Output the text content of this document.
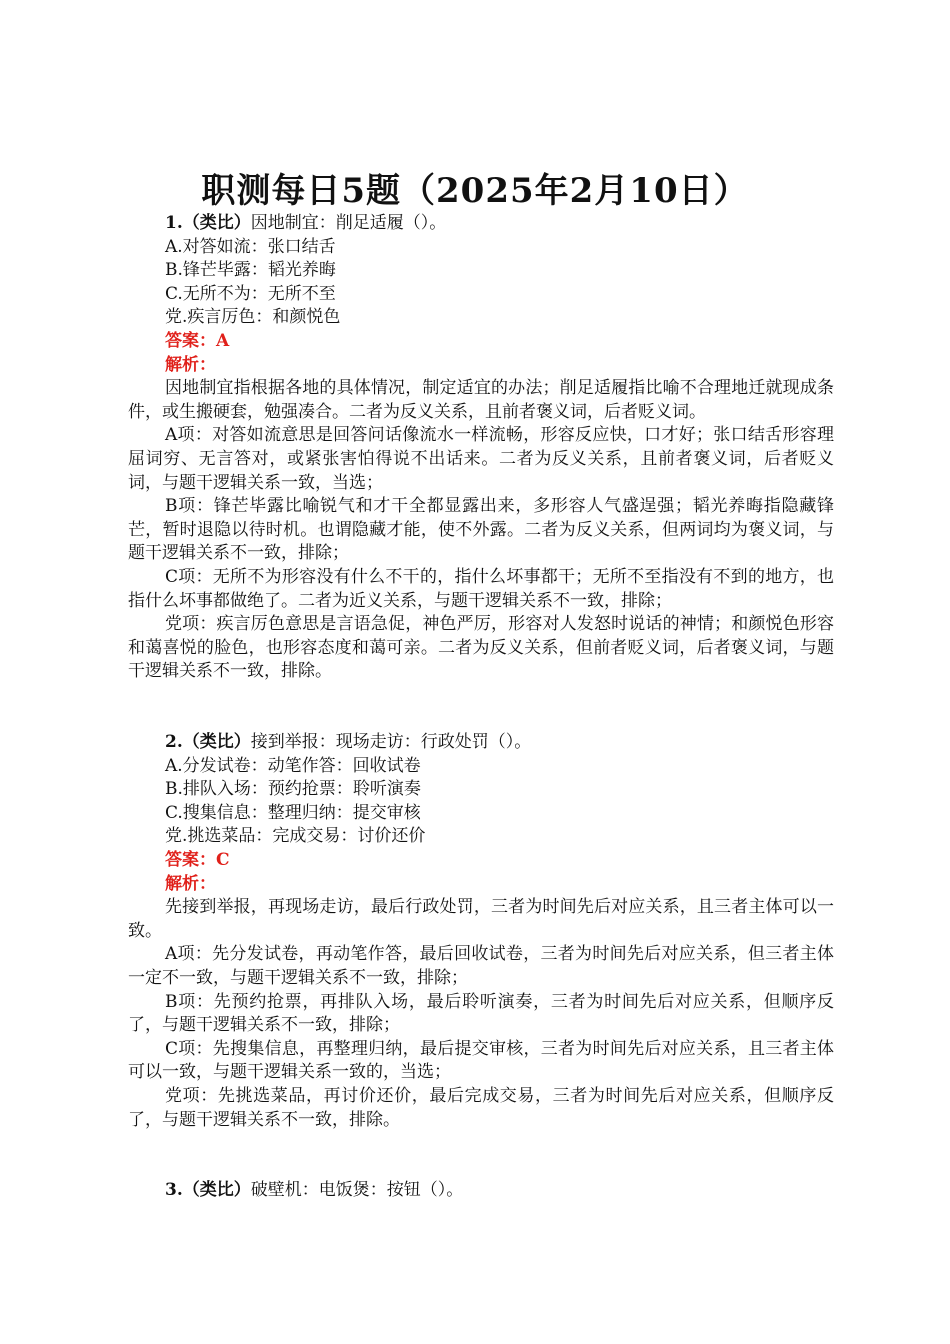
职测每日5题（2025年2月10日）
1.（类比）因地制宜：削足适履（）。
A.对答如流：张口结舌
B.锋芒毕露：韬光养晦
C.无所不为：无所不至
党.疾言厉色：和颜悦色
答案：A
解析：
因地制宜指根据各地的具体情况，制定适宜的办法；削足适履指比喻不合理地迁就现成条件，或生搬硬套，勉强凑合。二者为反义关系，且前者褒义词，后者贬义词。
A项：对答如流意思是回答问话像流水一样流畅，形容反应快，口才好；张口结舌形容理屈词穷、无言答对，或紧张害怕得说不出话来。二者为反义关系，且前者褒义词，后者贬义词，与题干逻辑关系一致，当选；
B项：锋芒毕露比喻锐气和才干全都显露出来，多形容人气盛逞强；韬光养晦指隐藏锋芒，暂时退隐以待时机。也谓隐藏才能，使不外露。二者为反义关系，但两词均为褒义词，与题干逻辑关系不一致，排除；
C项：无所不为形容没有什么不干的，指什么坏事都干；无所不至指没有不到的地方，也指什么坏事都做绝了。二者为近义关系，与题干逻辑关系不一致，排除；
党项：疾言厉色意思是言语急促，神色严厉，形容对人发怒时说话的神情；和颜悦色形容和蔼喜悦的脸色，也形容态度和蔼可亲。二者为反义关系，但前者贬义词，后者褒义词，与题干逻辑关系不一致，排除。
2.（类比）接到举报：现场走访：行政处罚（）。
A.分发试卷：动笔作答：回收试卷
B.排队入场：预约抢票：聆听演奏
C.搜集信息：整理归纳：提交审核
党.挑选菜品：完成交易：讨价还价
答案：C
解析：
先接到举报，再现场走访，最后行政处罚，三者为时间先后对应关系，且三者主体可以一致。
A项：先分发试卷，再动笔作答，最后回收试卷，三者为时间先后对应关系，但三者主体一定不一致，与题干逻辑关系不一致，排除；
B项：先预约抢票，再排队入场，最后聆听演奏，三者为时间先后对应关系，但顺序反了，与题干逻辑关系不一致，排除；
C项：先搜集信息，再整理归纳，最后提交审核，三者为时间先后对应关系，且三者主体可以一致，与题干逻辑关系一致的，当选；
党项：先挑选菜品，再讨价还价，最后完成交易，三者为时间先后对应关系，但顺序反了，与题干逻辑关系不一致，排除。
3.（类比）破壁机：电饭煲：按钮（）。
